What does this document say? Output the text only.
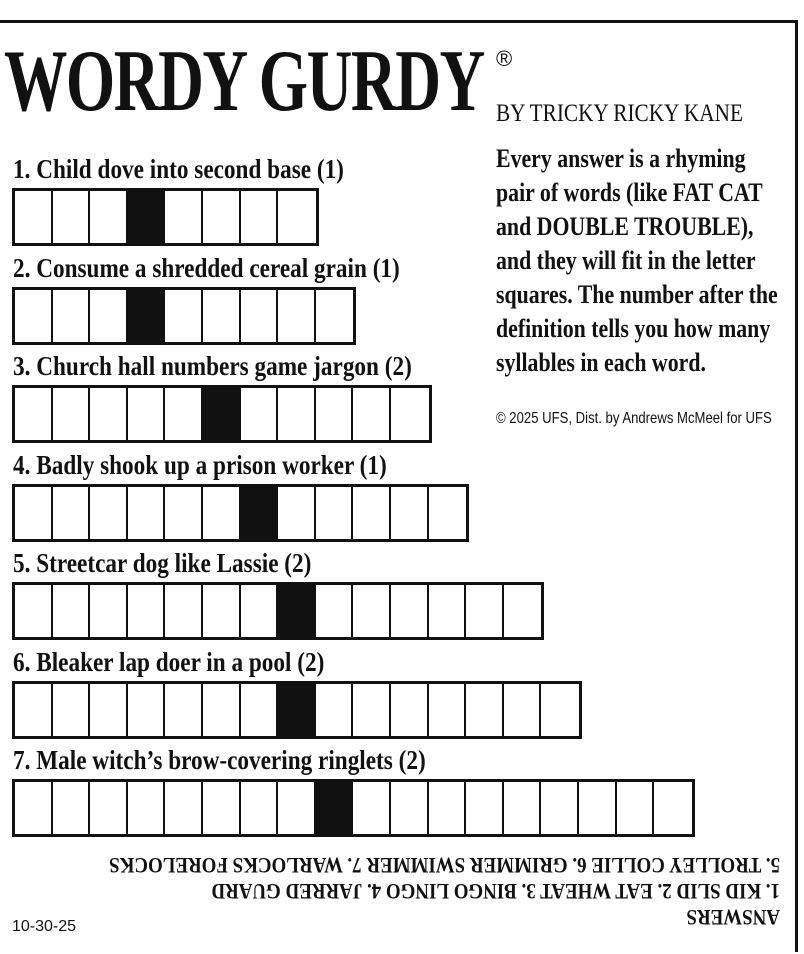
WORDY GURDY ®
BY TRICKY RICKY KANE
Every answer is a rhyming pair of words (like FAT CAT and DOUBLE TROUBLE), and they will fit in the letter squares. The number after the definition tells you how many syllables in each word.
© 2025 UFS, Dist. by Andrews McMeel for UFS
1. Child dove into second base (1)
2. Consume a shredded cereal grain (1)
3. Church hall numbers game jargon (2)
4. Badly shook up a prison worker (1)
5. Streetcar dog like Lassie (2)
6. Bleaker lap doer in a pool (2)
7. Male witch’s brow-covering ringlets (2)
ANSWERS
1. KID SLID 2. EAT WHEAT 3. BINGO LINGO 4. JARRED GUARD
5. TROLLEY COLLIE 6. GRIMMER SWIMMER 7. WARLOCKS FORELOCKS
10-30-25
